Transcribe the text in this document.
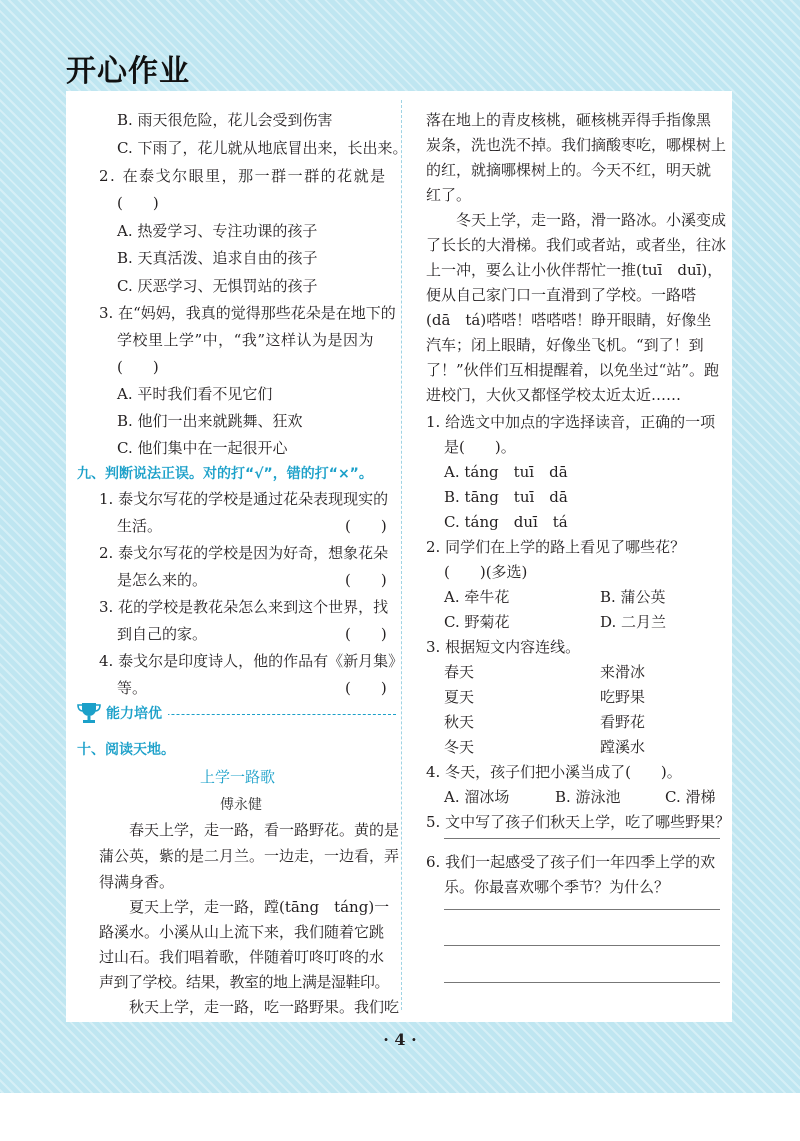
开心作业
B. 雨天很危险，花儿会受到伤害
C. 下雨了，花儿就从地底冒出来，长出来。
2. 在泰戈尔眼里，那一群一群的花就是
(　　)
A. 热爱学习、专注功课的孩子
B. 天真活泼、追求自由的孩子
C. 厌恶学习、无惧罚站的孩子
3. 在“妈妈，我真的觉得那些花朵是在地下的
学校里上学”中，“我”这样认为是因为
(　　)
A. 平时我们看不见它们
B. 他们一出来就跳舞、狂欢
C. 他们集中在一起很开心
九、判断说法正误。对的打“√”，错的打“×”。
1. 泰戈尔写花的学校是通过花朵表现现实的
生活。	(　　)
2. 泰戈尔写花的学校是因为好奇，想象花朵
是怎么来的。	(　　)
3. 花的学校是教花朵怎么来到这个世界，找
到自己的家。	(　　)
4. 泰戈尔是印度诗人，他的作品有《新月集》
等。	(　　)
能力培优
十、阅读天地。
上学一路歌
傅永健
　　春天上学，走一路，看一路野花。黄的是
蒲公英，紫的是二月兰。一边走，一边看，弄
得满身香。
　　夏天上学，走一路，蹚(tāng　táng)一
路溪水。小溪从山上流下来，我们随着它跳
过山石。我们唱着歌，伴随着叮咚叮咚的水
声到了学校。结果，教室的地上满是湿鞋印。
　　秋天上学，走一路，吃一路野果。我们吃
落在地上的青皮核桃，砸核桃弄得手指像黑
炭条，洗也洗不掉。我们摘酸枣吃，哪棵树上
的红，就摘哪棵树上的。今天不红，明天就
红了。
　　冬天上学，走一路，滑一路冰。小溪变成
了长长的大滑梯。我们或者站，或者坐，往冰
上一冲，要么让小伙伴帮忙一推(tuī　duī)，
便从自己家门口一直滑到了学校。一路嗒
(dā　tá)嗒嗒！嗒嗒嗒！睁开眼睛，好像坐
汽车；闭上眼睛，好像坐飞机。“到了！到
了！”伙伴们互相提醒着，以免坐过“站”。跑
进校门，大伙又都怪学校太近太近……
1. 给选文中加点的字选择读音，正确的一项
是(　　)。
A. táng　tuī　dā
B. tāng　tuī　dā
C. táng　duī　tá
2. 同学们在上学的路上看见了哪些花？
(　　)(多选)
A. 牵牛花	B. 蒲公英
C. 野菊花	D. 二月兰
3. 根据短文内容连线。
春天	来滑冰
夏天	吃野果
秋天	看野花
冬天	蹚溪水
4. 冬天，孩子们把小溪当成了(　　)。
A. 溜冰场	B. 游泳池	C. 滑梯
5. 文中写了孩子们秋天上学，吃了哪些野果？
6. 我们一起感受了孩子们一年四季上学的欢
乐。你最喜欢哪个季节？为什么？
· 4 ·
